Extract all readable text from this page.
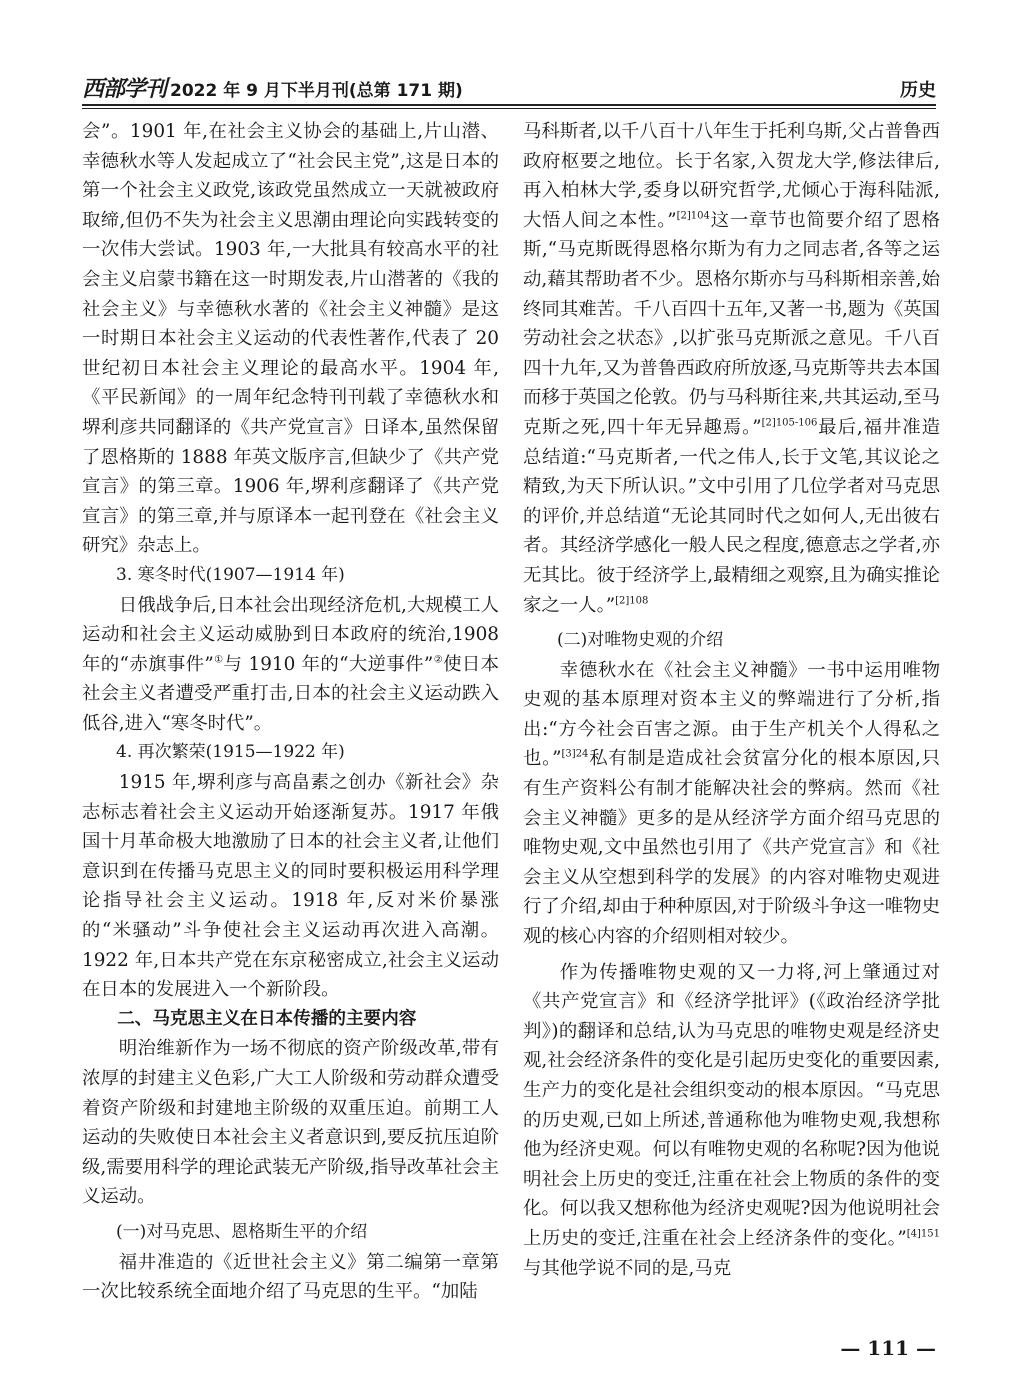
西部学刊 2022 年 9 月下半月刊(总第 171 期)	历史

会”。1901 年,在社会主义协会的基础上,片山潜、幸德秋水等人发起成立了“社会民主党”,这是日本的第一个社会主义政党,该政党虽然成立一天就被政府取缔,但仍不失为社会主义思潮由理论向实践转变的一次伟大尝试。1903 年,一大批具有较高水平的社会主义启蒙书籍在这一时期发表,片山潜著的《我的社会主义》与幸德秋水著的《社会主义神髓》是这一时期日本社会主义运动的代表性著作,代表了 20 世纪初日本社会主义理论的最高水平。1904 年,《平民新闻》的一周年纪念特刊刊载了幸德秋水和堺利彦共同翻译的《共产党宣言》日译本,虽然保留了恩格斯的 1888 年英文版序言,但缺少了《共产党宣言》的第三章。1906 年,堺利彦翻译了《共产党宣言》的第三章,并与原译本一起刊登在《社会主义研究》杂志上。

3. 寒冬时代(1907—1914 年)

日俄战争后,日本社会出现经济危机,大规模工人运动和社会主义运动威胁到日本政府的统治,1908 年的“赤旗事件”①与 1910 年的“大逆事件”②使日本社会主义者遭受严重打击,日本的社会主义运动跌入低谷,进入“寒冬时代”。

4. 再次繁荣(1915—1922 年)

1915 年,堺利彦与高畠素之创办《新社会》杂志标志着社会主义运动开始逐渐复苏。1917 年俄国十月革命极大地激励了日本的社会主义者,让他们意识到在传播马克思主义的同时要积极运用科学理论指导社会主义运动。1918 年,反对米价暴涨的“米骚动”斗争使社会主义运动再次进入高潮。1922 年,日本共产党在东京秘密成立,社会主义运动在日本的发展进入一个新阶段。

二、马克思主义在日本传播的主要内容

明治维新作为一场不彻底的资产阶级改革,带有浓厚的封建主义色彩,广大工人阶级和劳动群众遭受着资产阶级和封建地主阶级的双重压迫。前期工人运动的失败使日本社会主义者意识到,要反抗压迫阶级,需要用科学的理论武装无产阶级,指导改革社会主义运动。

(一)对马克思、恩格斯生平的介绍

福井准造的《近世社会主义》第二编第一章第一次比较系统全面地介绍了马克思的生平。“加陆

马科斯者,以千八百十八年生于托利乌斯,父占普鲁西政府枢要之地位。长于名家,入贺龙大学,修法律后,再入柏林大学,委身以研究哲学,尤倾心于海科陆派,大悟人间之本性。”$^{[2]104}$这一章节也简要介绍了恩格斯,“马克斯既得恩格尔斯为有力之同志者,各等之运动,藉其帮助者不少。恩格尔斯亦与马科斯相亲善,始终同其难苦。千八百四十五年,又著一书,题为《英国劳动社会之状态》,以扩张马克斯派之意见。千八百四十九年,又为普鲁西政府所放逐,马克斯等共去本国而移于英国之伦敦。仍与马科斯往来,共其运动,至马克斯之死,四十年无异趣焉。”$^{[2]105-106}$最后,福井准造总结道:“马克斯者,一代之伟人,长于文笔,其议论之精致,为天下所认识。”文中引用了几位学者对马克思的评价,并总结道“无论其同时代之如何人,无出彼右者。其经济学感化一般人民之程度,德意志之学者,亦无其比。彼于经济学上,最精细之观察,且为确实推论家之一人。”$^{[2]108}$

(二)对唯物史观的介绍

幸德秋水在《社会主义神髓》一书中运用唯物史观的基本原理对资本主义的弊端进行了分析,指出:“方今社会百害之源。由于生产机关个人得私之也。”$^{[3]24}$私有制是造成社会贫富分化的根本原因,只有生产资料公有制才能解决社会的弊病。然而《社会主义神髓》更多的是从经济学方面介绍马克思的唯物史观,文中虽然也引用了《共产党宣言》和《社会主义从空想到科学的发展》的内容对唯物史观进行了介绍,却由于种种原因,对于阶级斗争这一唯物史观的核心内容的介绍则相对较少。

作为传播唯物史观的又一力将,河上肇通过对《共产党宣言》和《经济学批评》(《政治经济学批判》)的翻译和总结,认为马克思的唯物史观是经济史观,社会经济条件的变化是引起历史变化的重要因素,生产力的变化是社会组织变动的根本原因。“马克思的历史观,已如上所述,普通称他为唯物史观,我想称他为经济史观。何以有唯物史观的名称呢?因为他说明社会上历史的变迁,注重在社会上物质的条件的变化。何以我又想称他为经济史观呢?因为他说明社会上历史的变迁,注重在社会上经济条件的变化。”$^{[4]151}$与其他学说不同的是,马克

— 111 —
